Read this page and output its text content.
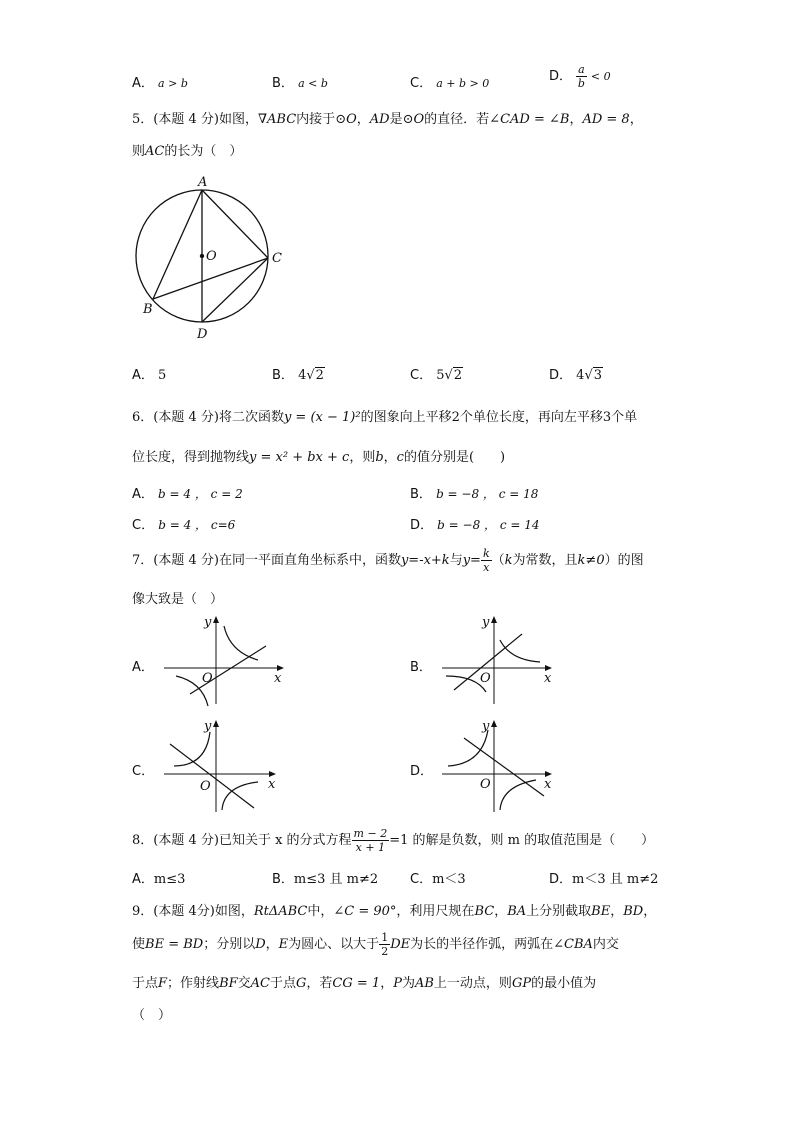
A． a > b	B． a < b	C． a + b > 0	D． $\frac{a}{b} < 0$
5．(本题 4 分)如图，∇ABC内接于⊙O，AD是⊙O的直径．若∠CAD = ∠B，AD = 8，
则AC的长为（　）
A
O	C
B
D
A． 5	B． 4√2	C． 5√2	D． 4√3
6．(本题 4 分)将二次函数y = (x − 1)²的图象向上平移2个单位长度，再向左平移3个单
位长度，得到抛物线y = x² + bx + c，则b，c的值分别是(　　)
A． b = 4 ， c = 2	B． b = −8 ， c = 18
C． b = 4 ， c=6	D． b = −8 ， c = 14
7．(本题 4 分)在同一平面直角坐标系中，函数y=-x+k与$y= \frac{k}{x} (k$为常数，且k≠0）的图
像大致是（　）
A．
y
x
O
B．
y
x
O
C．
y
x
O
D．
y
x
O
8．(本题 4 分)已知关于 x 的分式方程 $\frac{m - 2}{x + 1} =1$ 的解是负数，则 m 的取值范围是（　　）
A．m≤3	B．m≤3 且 m≠2 C．m＜3	D．m＜3 且 m≠2
9．(本题 4分)如图，RtΔABC中，∠C = 90°，利用尺规在BC，BA上分别截取BE，BD，
使BE = BD；分别以D，E为圆心、以大于 $\frac{1}{2}$ DE为长的半径作弧，两弧在∠CBA内交
于点F；作射线BF交AC于点G，若CG = 1，P为AB上一动点，则GP的最小值为
（　）
